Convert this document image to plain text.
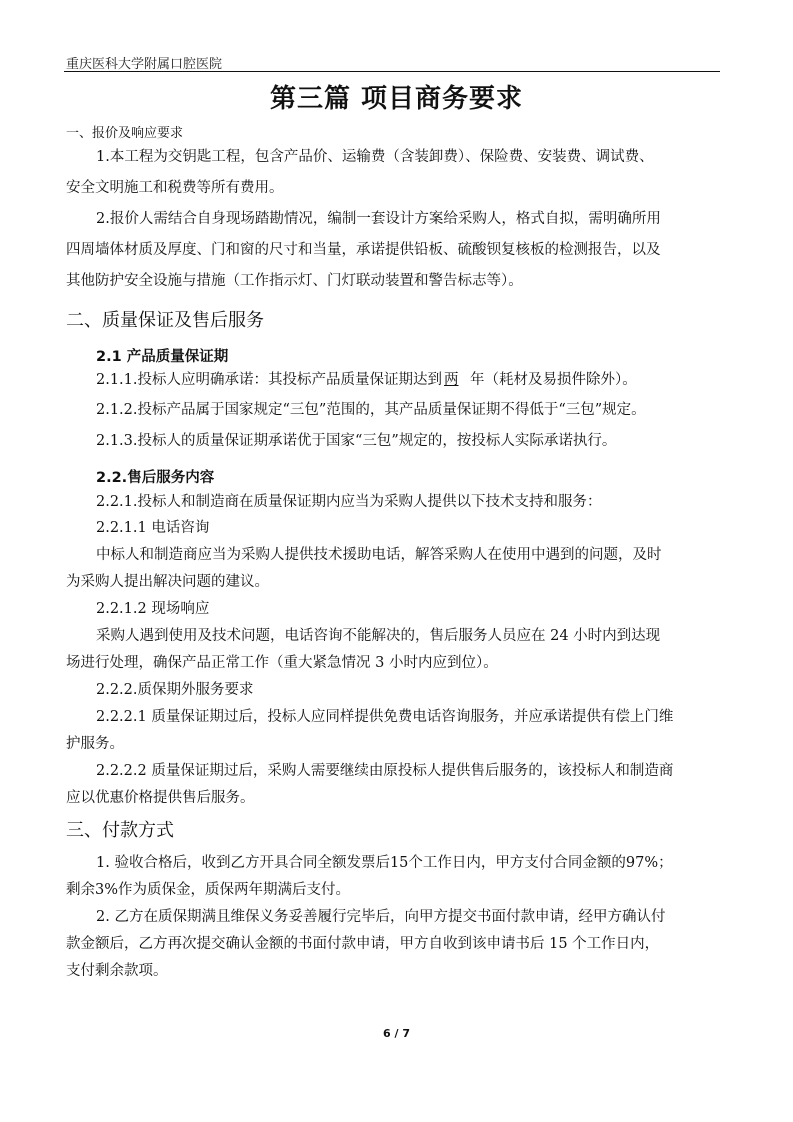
重庆医科大学附属口腔医院
第三篇 项目商务要求
一、报价及响应要求
1.本工程为交钥匙工程，包含产品价、运输费（含装卸费）、保险费、安装费、调试费、
安全文明施工和税费等所有费用。
2.报价人需结合自身现场踏勘情况，编制一套设计方案给采购人，格式自拟，需明确所用
四周墙体材质及厚度、门和窗的尺寸和当量，承诺提供铅板、硫酸钡复核板的检测报告，以及
其他防护安全设施与措施（工作指示灯、门灯联动装置和警告标志等）。
二、质量保证及售后服务
2.1 产品质量保证期
2.1.1.投标人应明确承诺：其投标产品质量保证期达到 两 年（耗材及易损件除外）。
2.1.2.投标产品属于国家规定“三包”范围的，其产品质量保证期不得低于“三包”规定。
2.1.3.投标人的质量保证期承诺优于国家“三包”规定的，按投标人实际承诺执行。
2.2.售后服务内容
2.2.1.投标人和制造商在质量保证期内应当为采购人提供以下技术支持和服务：
2.2.1.1 电话咨询
中标人和制造商应当为采购人提供技术援助电话，解答采购人在使用中遇到的问题，及时
为采购人提出解决问题的建议。
2.2.1.2 现场响应
采购人遇到使用及技术问题，电话咨询不能解决的，售后服务人员应在 24 小时内到达现
场进行处理，确保产品正常工作（重大紧急情况 3 小时内应到位）。
2.2.2.质保期外服务要求
2.2.2.1 质量保证期过后，投标人应同样提供免费电话咨询服务，并应承诺提供有偿上门维
护服务。
2.2.2.2 质量保证期过后，采购人需要继续由原投标人提供售后服务的，该投标人和制造商
应以优惠价格提供售后服务。
三、付款方式
1. 验收合格后，收到乙方开具合同全额发票后15个工作日内，甲方支付合同金额的97%；
剩余3%作为质保金，质保两年期满后支付。
2. 乙方在质保期满且维保义务妥善履行完毕后，向甲方提交书面付款申请，经甲方确认付
款金额后，乙方再次提交确认金额的书面付款申请，甲方自收到该申请书后 15 个工作日内，
支付剩余款项。
6 / 7
